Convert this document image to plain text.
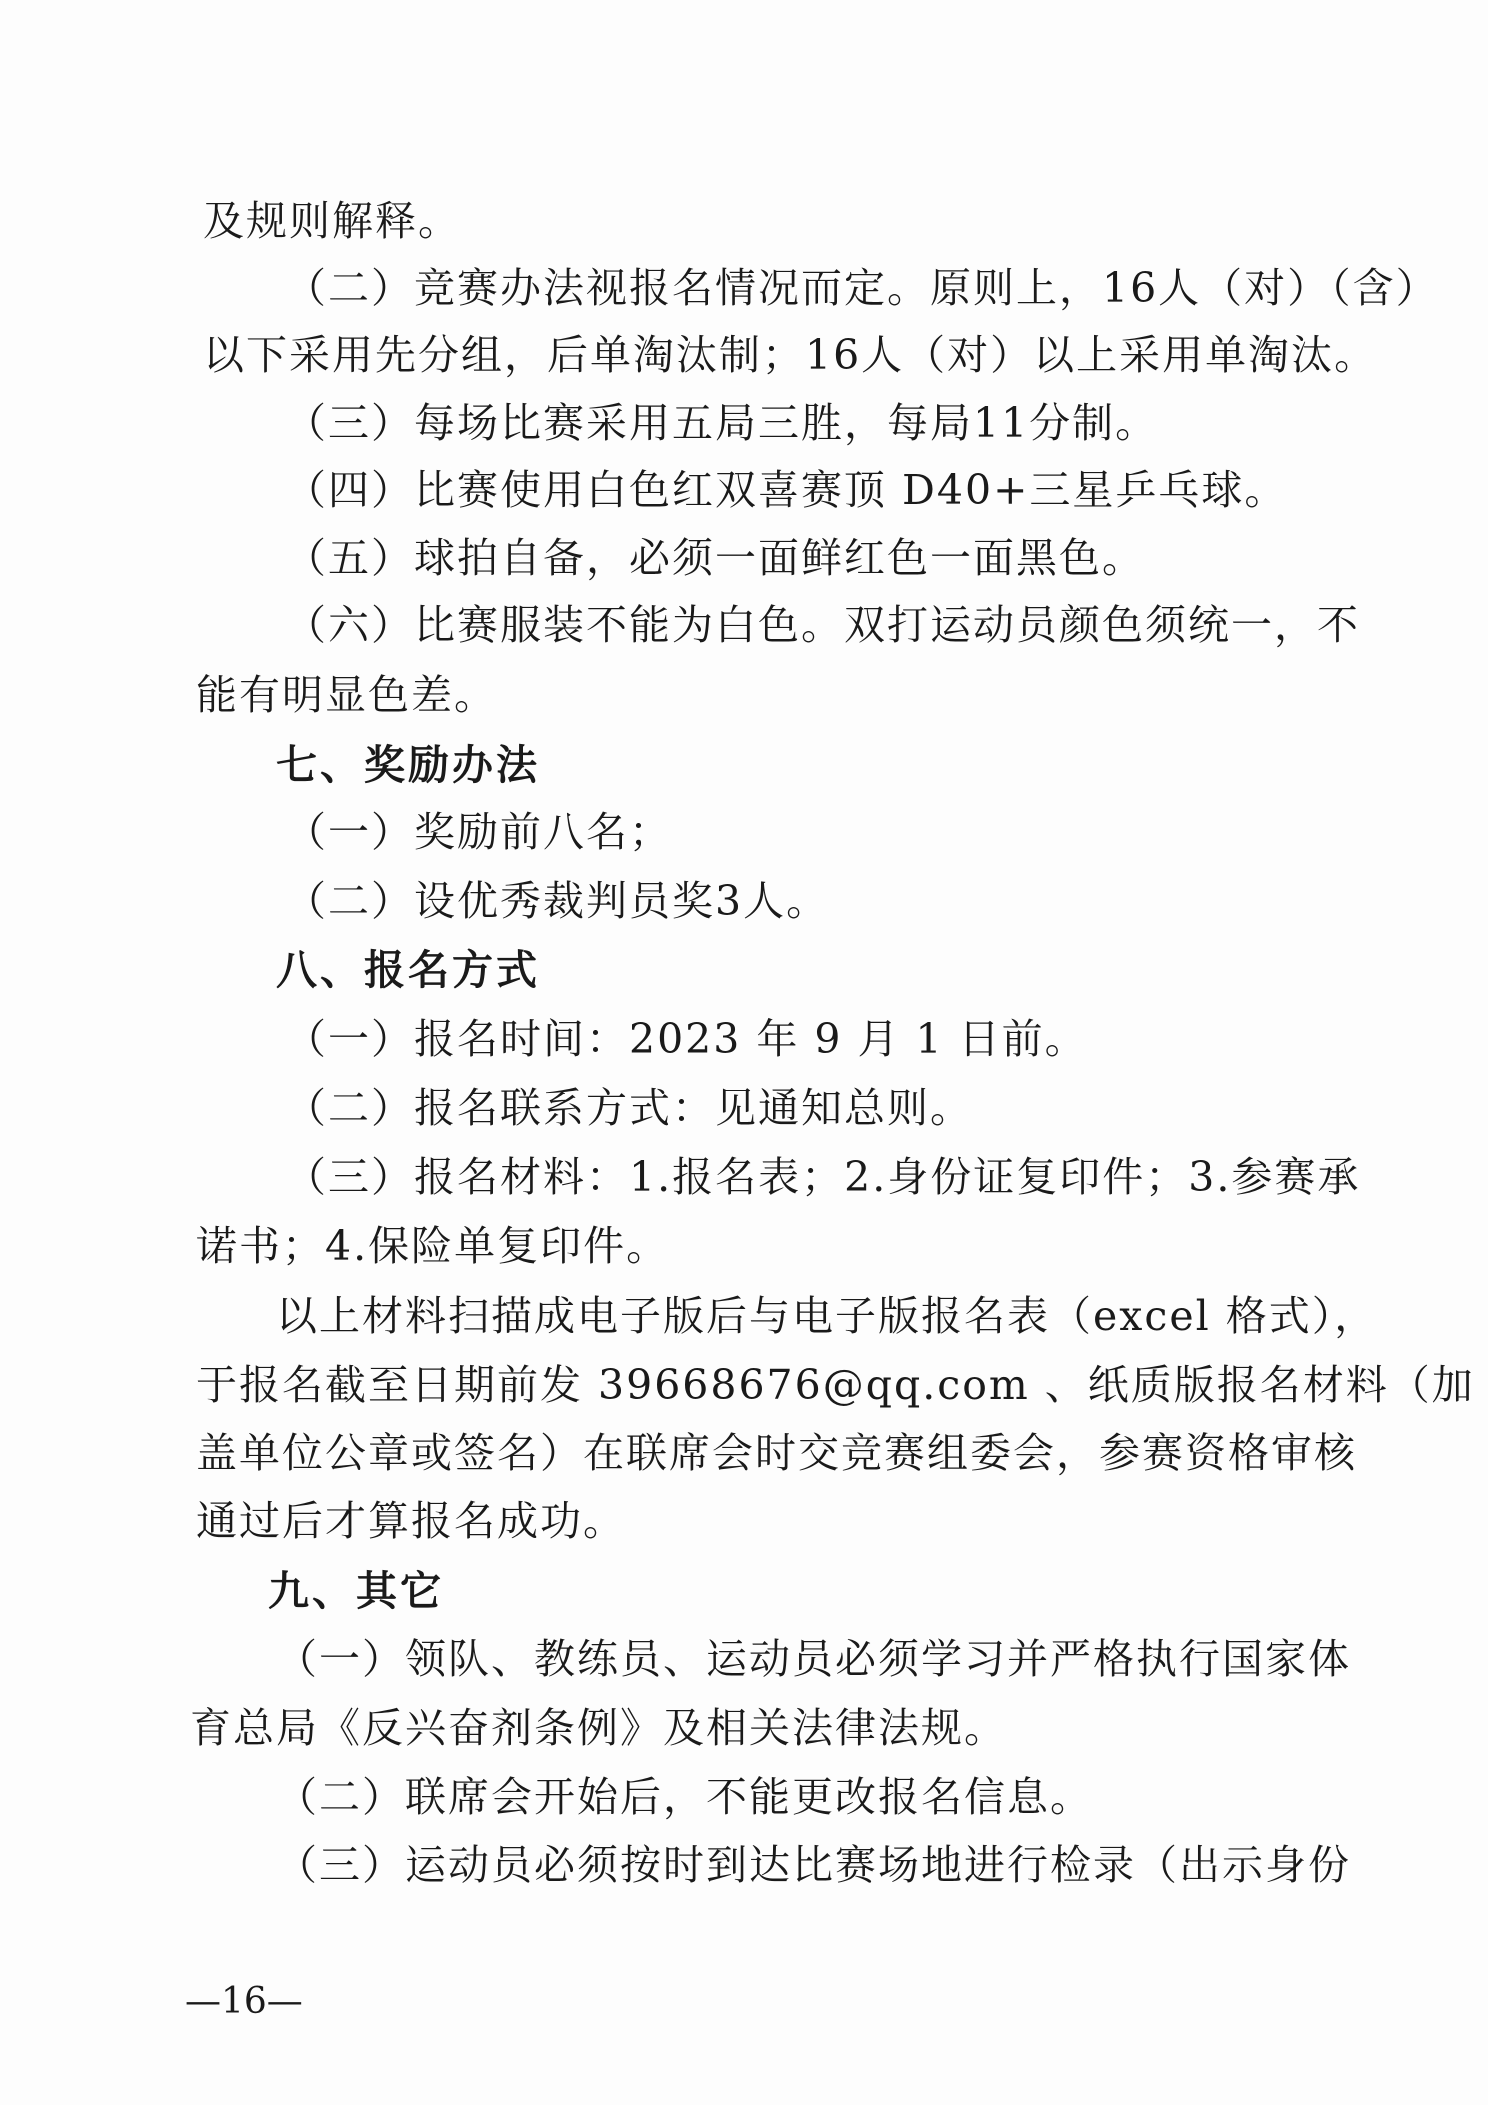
及规则解释。

（二）竞赛办法视报名情况而定。原则上，16人（对）（含）

以下采用先分组，后单淘汰制；16人（对）以上采用单淘汰。

（三）每场比赛采用五局三胜，每局11分制。

（四）比赛使用白色红双喜赛顶 D40+三星乒乓球。

（五）球拍自备，必须一面鲜红色一面黑色。

（六）比赛服装不能为白色。双打运动员颜色须统一，不

能有明显色差。

七、奖励办法

（一）奖励前八名；

（二）设优秀裁判员奖3人。

八、报名方式

（一）报名时间：2023 年 9 月 1 日前。

（二）报名联系方式：见通知总则。

（三）报名材料：1.报名表；2.身份证复印件；3.参赛承

诺书；4.保险单复印件。

以上材料扫描成电子版后与电子版报名表（excel 格式），

于报名截至日期前发 39668676@qq.com 、纸质版报名材料（加

盖单位公章或签名）在联席会时交竞赛组委会，参赛资格审核

通过后才算报名成功。

九、其它

（一）领队、教练员、运动员必须学习并严格执行国家体

育总局《反兴奋剂条例》及相关法律法规。

（二）联席会开始后，不能更改报名信息。

（三）运动员必须按时到达比赛场地进行检录（出示身份

—16—
